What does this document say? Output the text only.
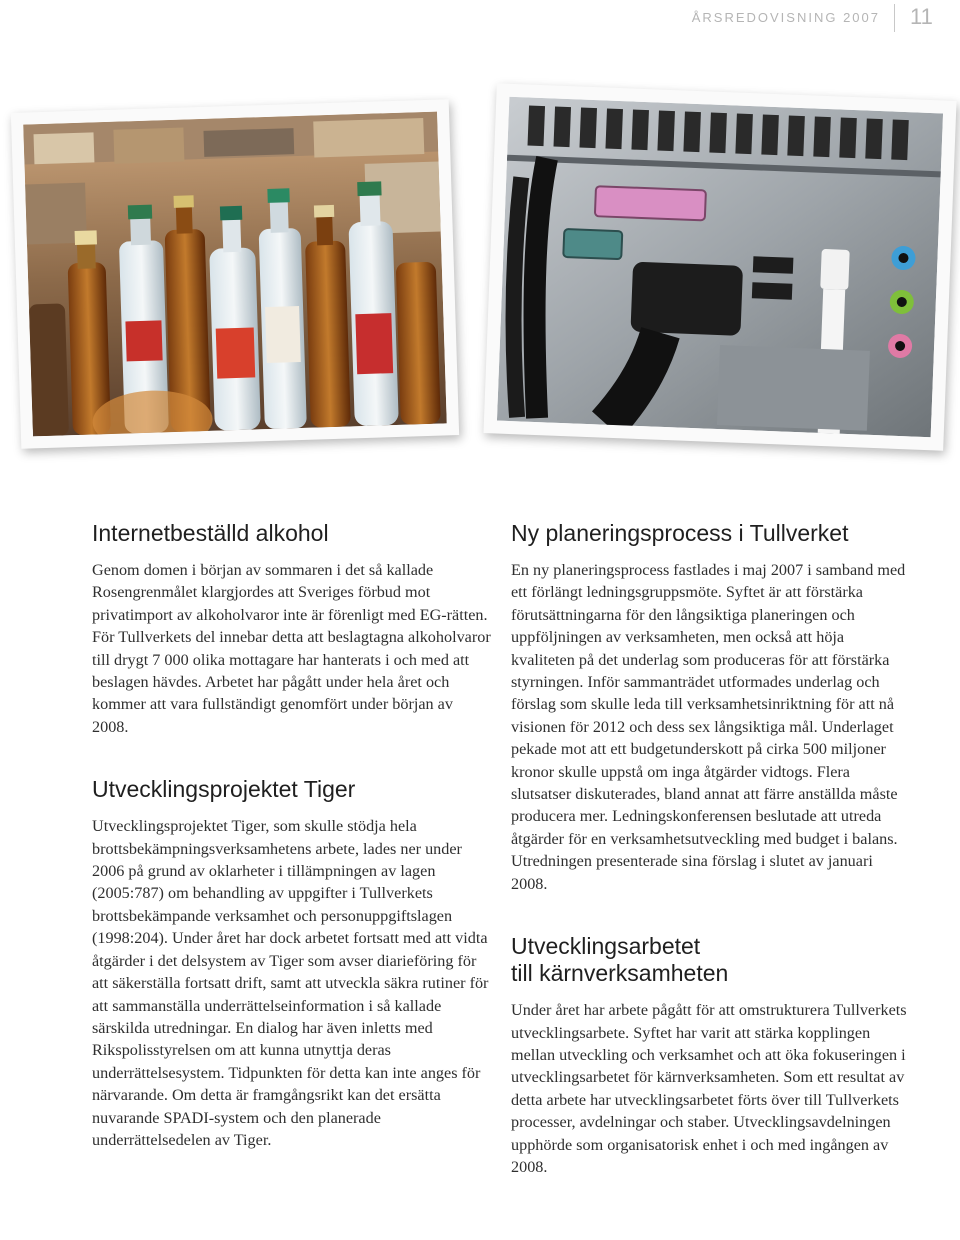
ÅRSREDOVISNING 2007 11
Internetbeställd alkohol

Genom domen i början av sommaren i det så kallade Rosengrenmålet klargjordes att Sveriges förbud mot privatimport av alkoholvaror inte är förenligt med EG-rätten. För Tullverkets del innebar detta att beslagtagna alkoholvaror till drygt 7 000 olika mottagare har hanterats i och med att beslagen hävdes. Arbetet har pågått under hela året och kommer att vara fullständigt genomfört under början av 2008.

Utvecklingsprojektet Tiger

Utvecklingsprojektet Tiger, som skulle stödja hela brottsbekämpningsverksamhetens arbete, lades ner under 2006 på grund av oklarheter i tillämpningen av lagen (2005:787) om behandling av uppgifter i Tullverkets brottsbekämpande verksamhet och personuppgiftslagen (1998:204). Under året har dock arbetet fortsatt med att vidta åtgärder i det delsystem av Tiger som avser diarieföring för att säkerställa fortsatt drift, samt att utveckla säkra rutiner för att sammanställa underrättelseinformation i så kallade särskilda utredningar. En dialog har även inletts med Rikspolisstyrelsen om att kunna utnyttja deras underrättelsesystem. Tidpunkten för detta kan inte anges för närvarande. Om detta är framgångsrikt kan det ersätta nuvarande SPADI-system och den planerade underrättelsedelen av Tiger.

Ny planeringsprocess i Tullverket

En ny planeringsprocess fastlades i maj 2007 i samband med ett förlängt ledningsgruppsmöte. Syftet är att förstärka förutsättningarna för den långsiktiga planeringen och uppföljningen av verksamheten, men också att höja kvaliteten på det underlag som produceras för att förstärka styrningen. Inför sammanträdet utformades underlag och förslag som skulle leda till verksamhetsinriktning för att nå visionen för 2012 och dess sex långsiktiga mål. Underlaget pekade mot att ett budgetunderskott på cirka 500 miljoner kronor skulle uppstå om inga åtgärder vidtogs. Flera slutsatser diskuterades, bland annat att färre anställda måste producera mer. Ledningskonferensen beslutade att utreda åtgärder för en verksamhetsutveckling med budget i balans. Utredningen presenterade sina förslag i slutet av januari 2008.

Utvecklingsarbetet
till kärnverksamheten

Under året har arbete pågått för att omstrukturera Tullverkets utvecklingsarbete. Syftet har varit att stärka kopplingen mellan utveckling och verksamhet och att öka fokuseringen i utvecklingsarbetet för kärnverksamheten. Som ett resultat av detta arbete har utvecklingsarbetet förts över till Tullverkets processer, avdelningar och staber. Utvecklingsavdelningen upphörde som organisatorisk enhet i och med ingången av 2008.
